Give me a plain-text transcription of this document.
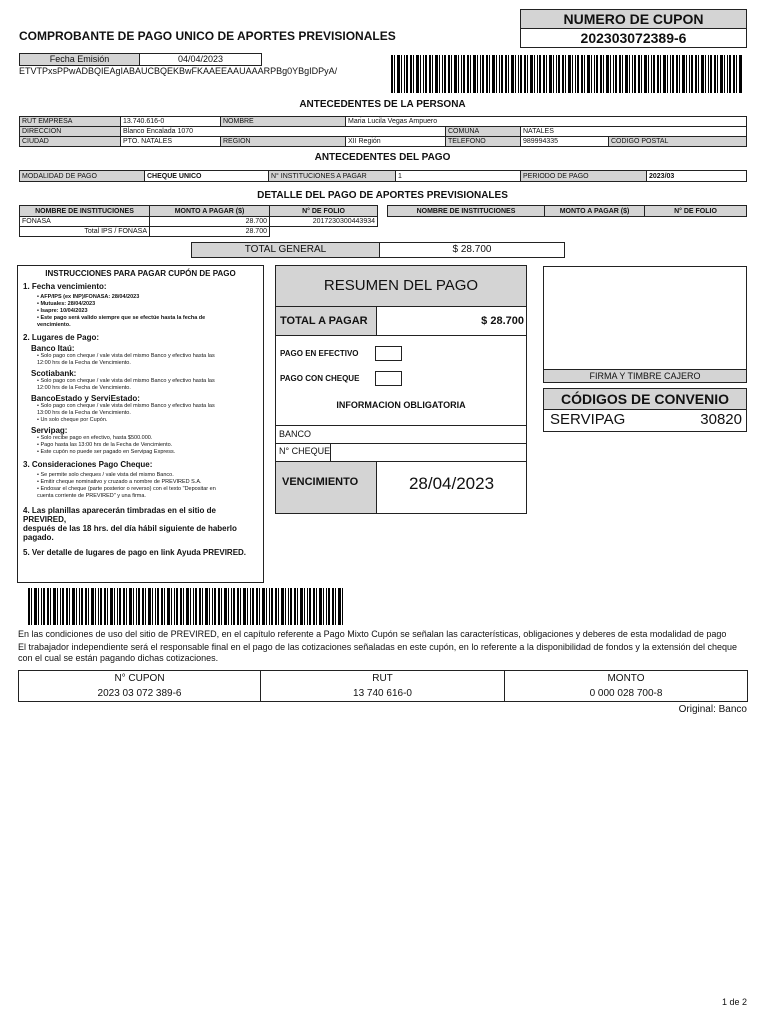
COMPROBANTE DE PAGO UNICO DE APORTES PREVISIONALES
NUMERO DE CUPON
202303072389-6
Fecha Emisión	04/04/2023
ETVTPxsPPwADBQIEAgIABAUCBQEKBwFKAAEEAAUAAARPBg0YBgIDPyA/
ANTECEDENTES DE LA PERSONA
RUT EMPRESA	13.740.616-0	NOMBRE	Maria Lucila Vegas Ampuero			
DIRECCION	Blanco Encalada 1070			COMUNA	NATALES	
CIUDAD	PTO. NATALES	REGION	XII Región	TELEFONO	989994335	CODIGO POSTAL
ANTECEDENTES DEL PAGO
MODALIDAD DE PAGO	CHEQUE UNICO	N° INSTITUCIONES A PAGAR	1	PERIODO DE PAGO	2023/03
DETALLE DEL PAGO DE APORTES PREVISIONALES
NOMBRE DE INSTITUCIONES	MONTO A PAGAR ($)	N° DE FOLIO		NOMBRE DE INSTITUCIONES	MONTO A PAGAR ($)	N° DE FOLIO
FONASA	28.700	2017230300443934				
Total IPS / FONASA	28.700					
TOTAL GENERAL	$ 28.700

INSTRUCCIONES PARA PAGAR CUPÓN DE PAGO

1. Fecha vencimiento:

• AFP/IPS (ex INP)/FONASA: 28/04/2023

• Mutuales: 28/04/2023

• Isapre: 10/04/2023

• Este pago será valido siempre que se efectúe hasta la fecha de

vencimiento.

2. Lugares de Pago:

Banco Itaú:

• Solo pago con cheque / vale vista del mismo Banco y efectivo hasta las

12:00 hrs de la Fecha de Vencimiento.

Scotiabank:

• Solo pago con cheque / vale vista del mismo Banco y efectivo hasta las

12:00 hrs de la Fecha de Vencimiento.

BancoEstado y ServiEstado:

• Solo pago con cheque / vale vista del mismo Banco y efectivo hasta las

13:00 hrs de la Fecha de Vencimiento.

• Un solo cheque por Cupón.

Servipag:

• Solo recibe pago en efectivo, hasta $500.000.

• Pago hasta las 13:00 hrs de la Fecha de Vencimiento.

• Este cupón no puede ser pagado en Servipag Express.

3. Consideraciones Pago Cheque:

• Se permite solo cheques / vale vista del mismo Banco.

• Emitir cheque nominativo y cruzado a nombre de PREVIRED S.A.

• Endosar el cheque (parte posterior o reverso) con el texto "Depositar en

cuenta corriente de PREVIRED" y una firma.

4. Las planillas aparecerán timbradas en el sitio de PREVIRED,

después de las 18 hrs. del día hábil siguiente de haberlo pagado.

5. Ver detalle de lugares de pago en link Ayuda PREVIRED.

RESUMEN DEL PAGO
TOTAL A PAGAR	$ 28.700
PAGO EN EFECTIVO
PAGO CON CHEQUE
INFORMACION OBLIGATORIA
BANCO
N° CHEQUE
VENCIMIENTO	28/04/2023
FIRMA Y TIMBRE CAJERO
CÓDIGOS DE CONVENIO
SERVIPAG	30820
En las condiciones de uso del sitio de PREVIRED, en el capítulo referente a Pago Mixto Cupón se señalan las características, obligaciones y deberes de esta modalidad de pago
El trabajador independiente será el responsable final en el pago de las cotizaciones señaladas en este cupón, en lo referente a la disponibilidad de fondos y la extensión del cheque con el cual se están pagando dichas cotizaciones.
N° CUPON	RUT	MONTO
2023 03 072 389-6	13 740 616-0	0 000 028 700-8
Original: Banco
1 de 2
